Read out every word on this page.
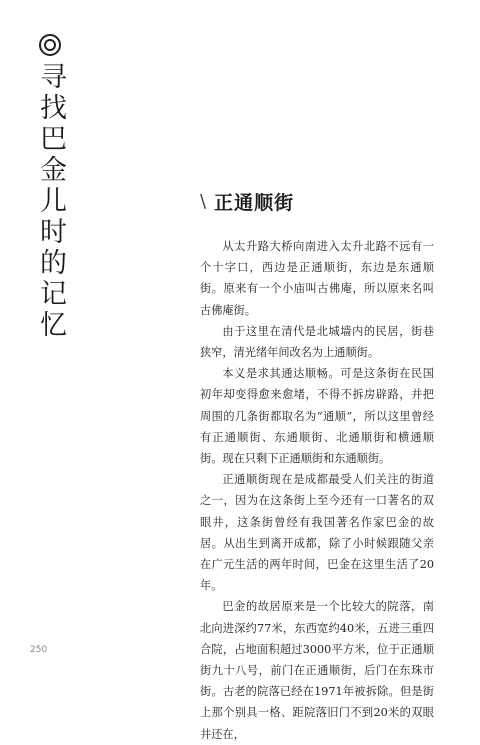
寻找巴金儿时的记忆	\ 正通顺街

从太升路大桥向南进入太升北路不远有一个十字口，西边是正通顺街，东边是东通顺街。原来有一个小庙叫古佛庵，所以原来名叫古佛庵街。

由于这里在清代是北城墙内的民居，街巷狭窄，清光绪年间改名为上通顺街。

本义是求其通达顺畅。可是这条街在民国初年却变得愈来愈堵，不得不拆房辟路，并把周围的几条街都取名为“通顺”，所以这里曾经有正通顺街、东通顺街、北通顺街和横通顺街。现在只剩下正通顺街和东通顺街。

正通顺街现在是成都最受人们关注的街道之一，因为在这条街上至今还有一口著名的双眼井，这条街曾经有我国著名作家巴金的故居。从出生到离开成都，除了小时候跟随父亲在广元生活的两年时间，巴金在这里生活了20年。

巴金的故居原来是一个比较大的院落，南北向进深约77米，东西宽约40米，五进三重四合院，占地面积超过3000平方米，位于正通顺街九十八号，前门在正通顺街，后门在东珠市街。古老的院落已经在1971年被拆除。但是街上那个别具一格、距院落旧门不到20米的双眼井还在，

250
